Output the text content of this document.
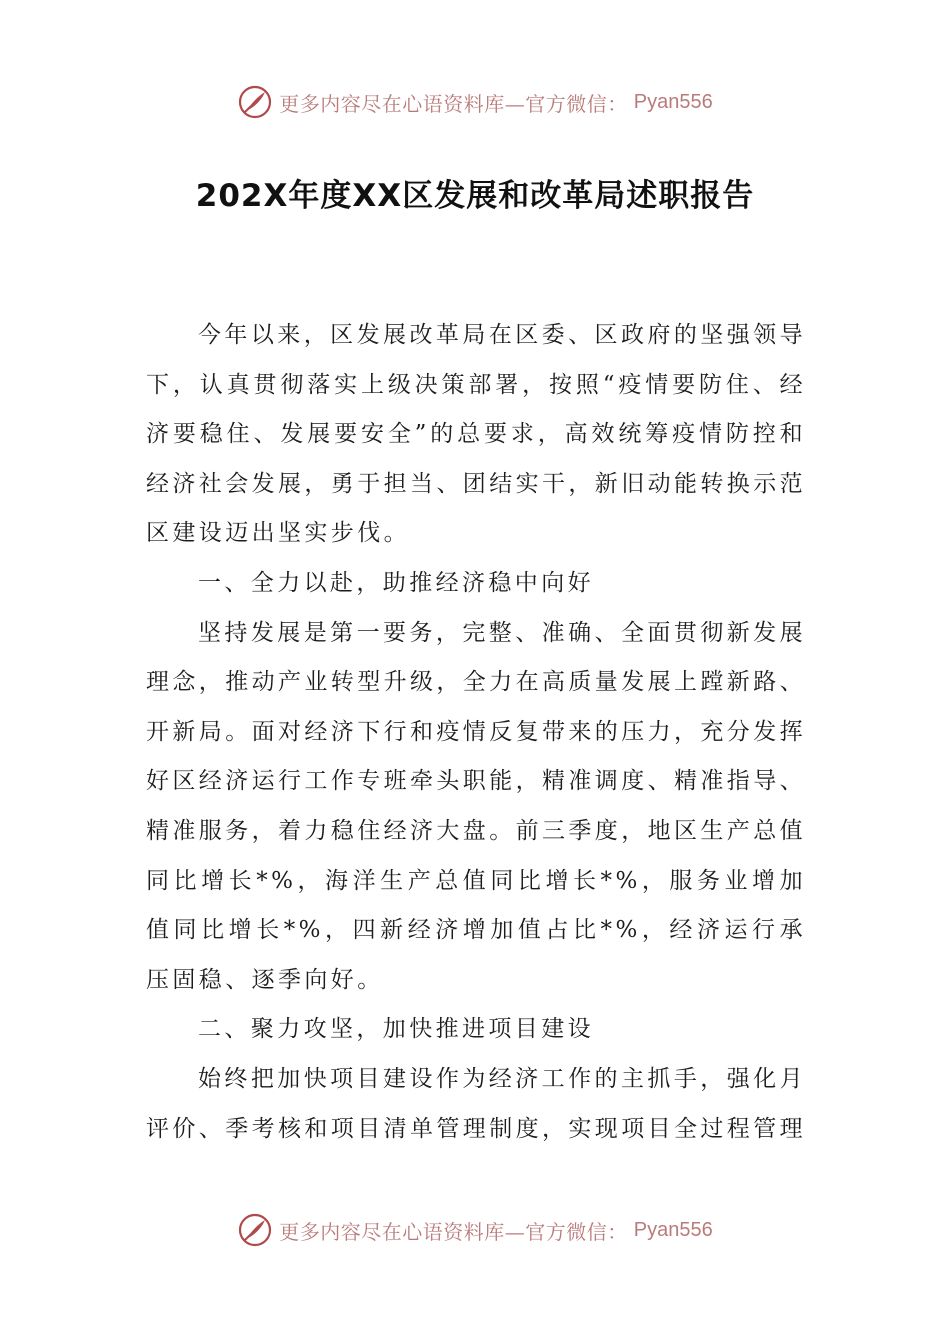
更多内容尽在心语资料库—官方微信： Pyan556
202X年度XX区发展和改革局述职报告

今年以来，区发展改革局在区委、区政府的坚强领导下，认真贯彻落实上级决策部署，按照“疫情要防住、经济要稳住、发展要安全”的总要求，高效统筹疫情防控和经济社会发展，勇于担当、团结实干，新旧动能转换示范区建设迈出坚实步伐。

一、全力以赴，助推经济稳中向好

坚持发展是第一要务，完整、准确、全面贯彻新发展理念，推动产业转型升级，全力在高质量发展上蹚新路、开新局。面对经济下行和疫情反复带来的压力，充分发挥好区经济运行工作专班牵头职能，精准调度、精准指导、精准服务，着力稳住经济大盘。前三季度，地区生产总值同比增长*%，海洋生产总值同比增长*%，服务业增加值同比增长*%，四新经济增加值占比*%，经济运行承压固稳、逐季向好。

二、聚力攻坚，加快推进项目建设

始终把加快项目建设作为经济工作的主抓手，强化月评价、季考核和项目清单管理制度，实现项目全过程管理

更多内容尽在心语资料库—官方微信： Pyan556
